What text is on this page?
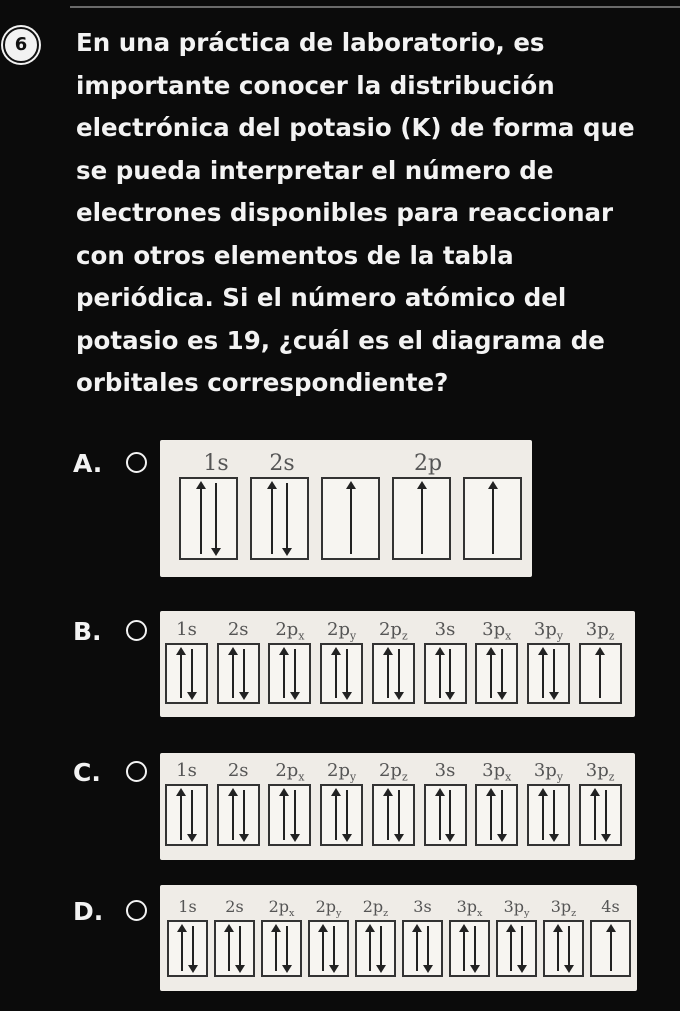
6	En una práctica de laboratorio, es
importante conocer la distribución
electrónica del potasio (K) de forma que
se pueda interpretar el número de
electrones disponibles para reaccionar
con otros elementos de la tabla
periódica. Si el número atómico del
potasio es 19, ¿cuál es el diagrama de
orbitales correspondiente?

A.	1s	2s	2p
B.	1s	2s	$2p_x$	$2p_y$	$2p_z$	3s	$3p_x$	$3p_y$	$3p_z$
C.	1s	2s	$2p_x$	$2p_y$	$2p_z$	3s	$3p_x$	$3p_y$	$3p_z$
D.	1s	2s	$2p_x$	$2p_y$	$2p_z$	3s	$3p_x$	$3p_y$	$3p_z$	4s
